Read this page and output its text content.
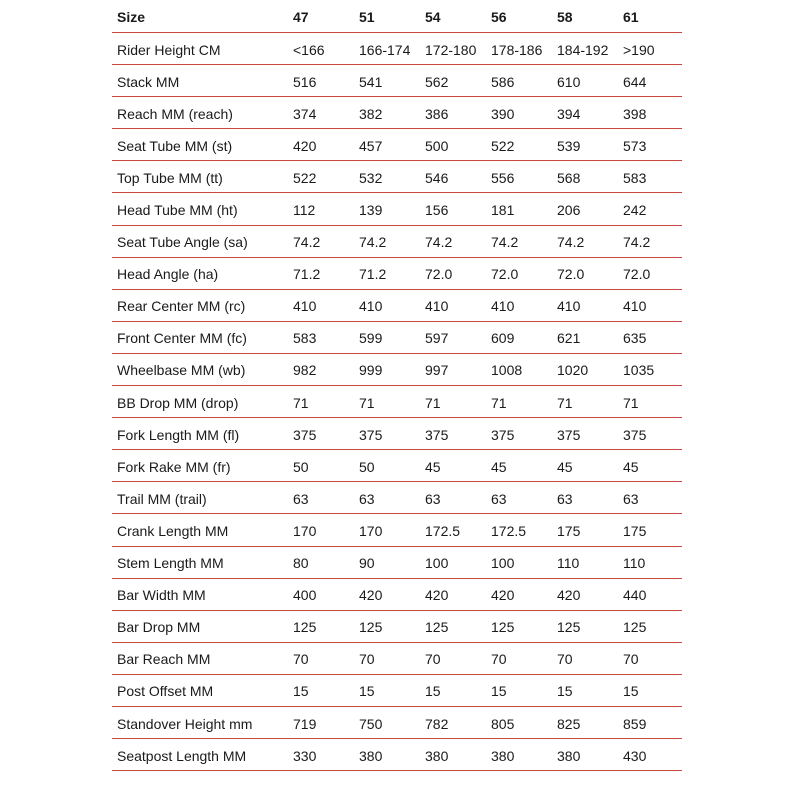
Size	47	51	54	56	58	61
Rider Height CM	<166	166-174	172-180	178-186	184-192	>190
Stack MM	516	541	562	586	610	644
Reach MM (reach)	374	382	386	390	394	398
Seat Tube MM (st)	420	457	500	522	539	573
Top Tube MM (tt)	522	532	546	556	568	583
Head Tube MM (ht)	112	139	156	181	206	242
Seat Tube Angle (sa)	74.2	74.2	74.2	74.2	74.2	74.2
Head Angle (ha)	71.2	71.2	72.0	72.0	72.0	72.0
Rear Center MM (rc)	410	410	410	410	410	410
Front Center MM (fc)	583	599	597	609	621	635
Wheelbase MM (wb)	982	999	997	1008	1020	1035
BB Drop MM (drop)	71	71	71	71	71	71
Fork Length MM (fl)	375	375	375	375	375	375
Fork Rake MM (fr)	50	50	45	45	45	45
Trail MM (trail)	63	63	63	63	63	63
Crank Length MM	170	170	172.5	172.5	175	175
Stem Length MM	80	90	100	100	110	110
Bar Width MM	400	420	420	420	420	440
Bar Drop MM	125	125	125	125	125	125
Bar Reach MM	70	70	70	70	70	70
Post Offset MM	15	15	15	15	15	15
Standover Height mm	719	750	782	805	825	859
Seatpost Length MM	330	380	380	380	380	430
